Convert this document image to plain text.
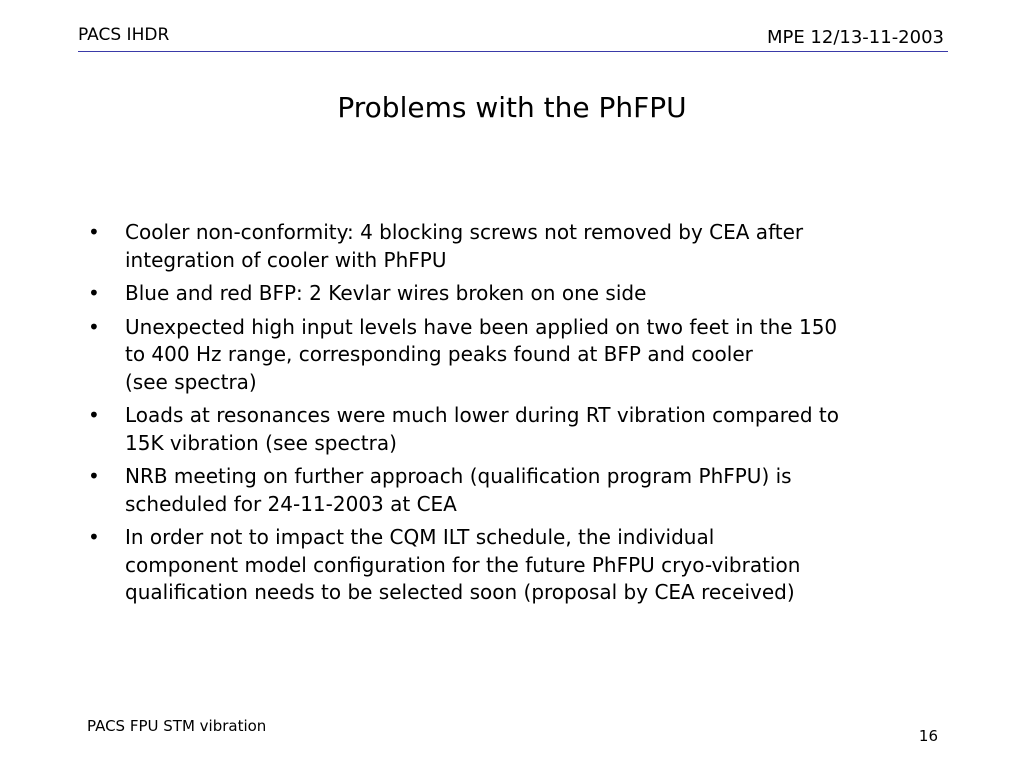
PACS IHDR	MPE 12/13-11-2003
Problems with the PhFPU
•	Cooler non-conformity: 4 blocking screws not removed by CEA after
integration of cooler with PhFPU
•	Blue and red BFP: 2 Kevlar wires broken on one side
•	Unexpected high input levels have been applied on two feet in the 150
to 400 Hz range, corresponding peaks found at BFP and cooler
(see spectra)
•	Loads at resonances were much lower during RT vibration compared to
15K vibration (see spectra)
•	NRB meeting on further approach (qualification program PhFPU) is
scheduled for 24-11-2003 at CEA
•	In order not to impact the CQM ILT schedule, the individual
component model configuration for the future PhFPU cryo-vibration
qualification needs to be selected soon (proposal by CEA received)
PACS FPU STM vibration
16
